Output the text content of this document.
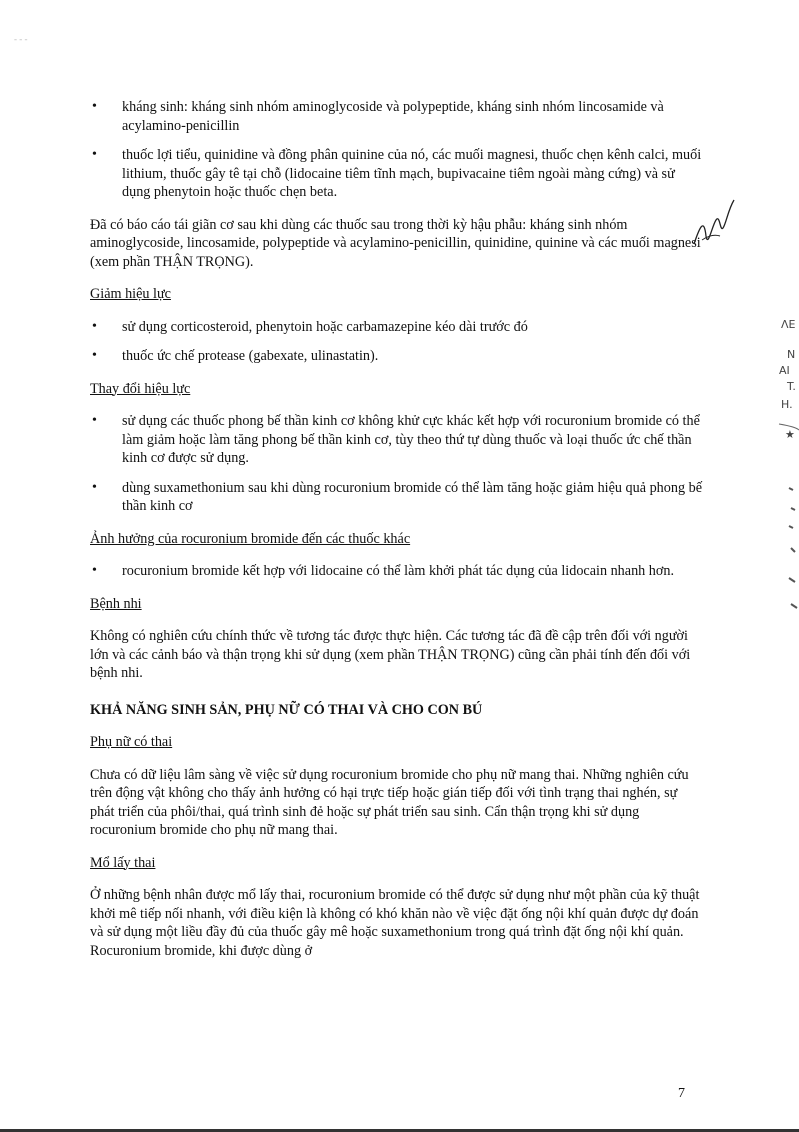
- - -
• kháng sinh: kháng sinh nhóm aminoglycoside và polypeptide, kháng sinh nhóm lincosamide và acylamino-penicillin
• thuốc lợi tiểu, quinidine và đồng phân quinine của nó, các muối magnesi, thuốc chẹn kênh calci, muối lithium, thuốc gây tê tại chỗ (lidocaine tiêm tĩnh mạch, bupivacaine tiêm ngoài màng cứng) và sử dụng phenytoin hoặc thuốc chẹn beta.

Đã có báo cáo tái giãn cơ sau khi dùng các thuốc sau trong thời kỳ hậu phẫu: kháng sinh nhóm aminoglycoside, lincosamide, polypeptide và acylamino-penicillin, quinidine, quinine và các muối magnesi (xem phần THẬN TRỌNG).

Giảm hiệu lực

• sử dụng corticosteroid, phenytoin hoặc carbamazepine kéo dài trước đó
• thuốc ức chế protease (gabexate, ulinastatin).

Thay đổi hiệu lực

• sử dụng các thuốc phong bế thần kinh cơ không khử cực khác kết hợp với rocuronium bromide có thể làm giảm hoặc làm tăng phong bế thần kinh cơ, tùy theo thứ tự dùng thuốc và loại thuốc ức chế thần kinh cơ được sử dụng.
• dùng suxamethonium sau khi dùng rocuronium bromide có thể làm tăng hoặc giảm hiệu quả phong bế thần kinh cơ

Ảnh hưởng của rocuronium bromide đến các thuốc khác

• rocuronium bromide kết hợp với lidocaine có thể làm khởi phát tác dụng của lidocain nhanh hơn.

Bệnh nhi

Không có nghiên cứu chính thức về tương tác được thực hiện. Các tương tác đã đề cập trên đối với người lớn và các cảnh báo và thận trọng khi sử dụng (xem phần THẬN TRỌNG) cũng cần phải tính đến đối với bệnh nhi.

KHẢ NĂNG SINH SẢN, PHỤ NỮ CÓ THAI VÀ CHO CON BÚ

Phụ nữ có thai

Chưa có dữ liệu lâm sàng về việc sử dụng rocuronium bromide cho phụ nữ mang thai. Những nghiên cứu trên động vật không cho thấy ảnh hưởng có hại trực tiếp hoặc gián tiếp đối với tình trạng thai nghén, sự phát triển của phôi/thai, quá trình sinh đẻ hoặc sự phát triển sau sinh. Cẩn thận trọng khi sử dụng rocuronium bromide cho phụ nữ mang thai.

Mổ lấy thai

Ở những bệnh nhân được mổ lấy thai, rocuronium bromide có thể được sử dụng như một phần của kỹ thuật khởi mê tiếp nối nhanh, với điều kiện là không có khó khăn nào về việc đặt ống nội khí quản được dự đoán và sử dụng một liều đầy đủ của thuốc gây mê hoặc suxamethonium trong quá trình đặt ống nội khí quản. Rocuronium bromide, khi được dùng ở

ΛE
N
AI
T.
H.
★
7
